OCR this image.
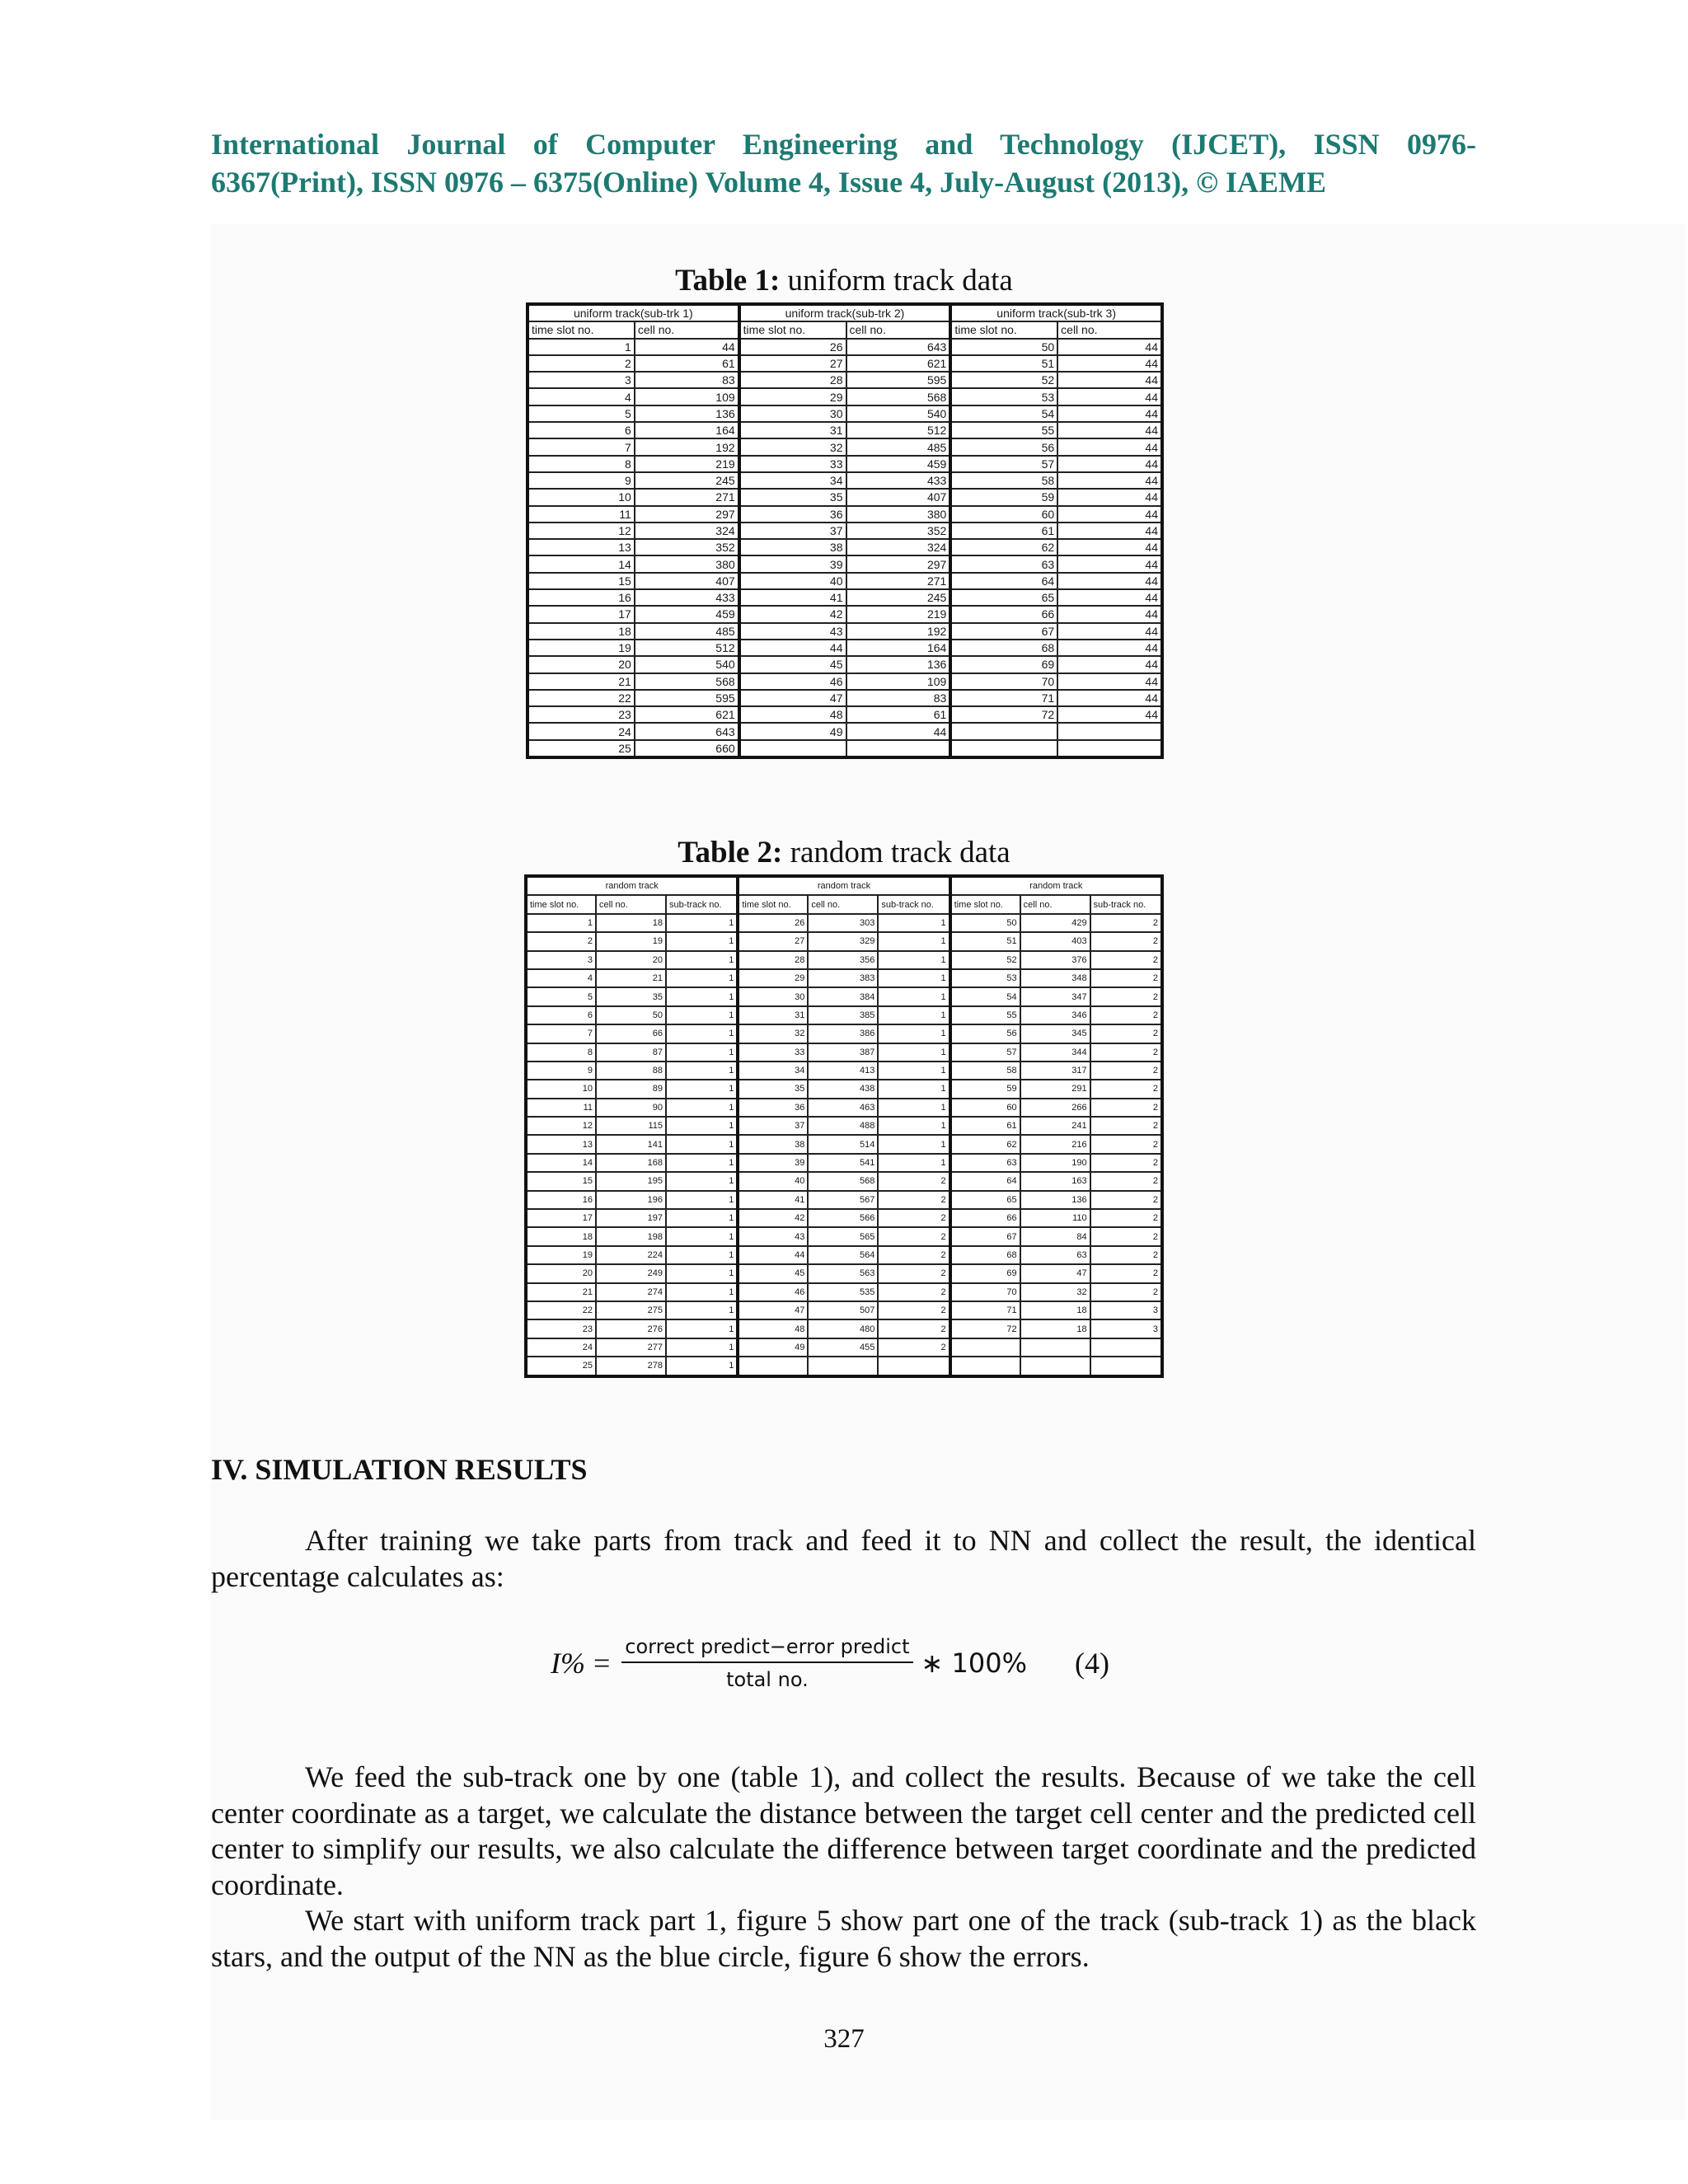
International Journal of Computer Engineering and Technology (IJCET), ISSN 0976-
6367(Print), ISSN 0976 – 6375(Online) Volume 4, Issue 4, July-August (2013), © IAEME
Table 1: uniform track data
uniform track(sub-trk 1)		uniform track(sub-trk 2)		uniform track(sub-trk 3)	
time slot no.	cell no.	time slot no.	cell no.	time slot no.	cell no.
1	44	26	643	50	44
2	61	27	621	51	44
3	83	28	595	52	44
4	109	29	568	53	44
5	136	30	540	54	44
6	164	31	512	55	44
7	192	32	485	56	44
8	219	33	459	57	44
9	245	34	433	58	44
10	271	35	407	59	44
11	297	36	380	60	44
12	324	37	352	61	44
13	352	38	324	62	44
14	380	39	297	63	44
15	407	40	271	64	44
16	433	41	245	65	44
17	459	42	219	66	44
18	485	43	192	67	44
19	512	44	164	68	44
20	540	45	136	69	44
21	568	46	109	70	44
22	595	47	83	71	44
23	621	48	61	72	44
24	643	49	44		
25	660				
Table 2: random track data
random track			random track			random track		
time slot no.	cell no.	sub-track no.	time slot no.	cell no.	sub-track no.	time slot no.	cell no.	sub-track no.
1	18	1	26	303	1	50	429	2
2	19	1	27	329	1	51	403	2
3	20	1	28	356	1	52	376	2
4	21	1	29	383	1	53	348	2
5	35	1	30	384	1	54	347	2
6	50	1	31	385	1	55	346	2
7	66	1	32	386	1	56	345	2
8	87	1	33	387	1	57	344	2
9	88	1	34	413	1	58	317	2
10	89	1	35	438	1	59	291	2
11	90	1	36	463	1	60	266	2
12	115	1	37	488	1	61	241	2
13	141	1	38	514	1	62	216	2
14	168	1	39	541	1	63	190	2
15	195	1	40	568	2	64	163	2
16	196	1	41	567	2	65	136	2
17	197	1	42	566	2	66	110	2
18	198	1	43	565	2	67	84	2
19	224	1	44	564	2	68	63	2
20	249	1	45	563	2	69	47	2
21	274	1	46	535	2	70	32	2
22	275	1	47	507	2	71	18	3
23	276	1	48	480	2	72	18	3
24	277	1	49	455	2			
25	278	1						
IV. SIMULATION RESULTS

After training we take parts from track and feed it to NN and collect the result, the identical percentage calculates as:

$I\% = \frac{\text{correct predict−error predict}}{\text{total no.}}$ ∗ 100% (4)

We feed the sub-track one by one (table 1), and collect the results. Because of we take the cell center coordinate as a target, we calculate the distance between the target cell center and the predicted cell center to simplify our results, we also calculate the difference between target coordinate and the predicted coordinate.

We start with uniform track part 1, figure 5 show part one of the track (sub-track 1) as the black stars, and the output of the NN as the blue circle, figure 6 show the errors.

327
